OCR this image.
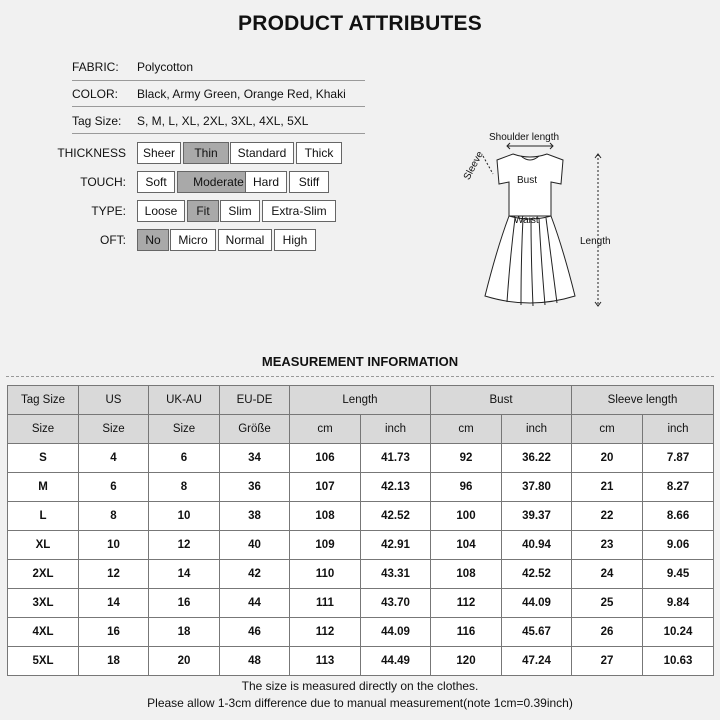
PRODUCT ATTRIBUTES
FABRIC:	Polycotton
COLOR:	Black, Army Green, Orange Red, Khaki
Tag Size:	S, M, L, XL, 2XL, 3XL, 4XL, 5XL
THICKNESS	Sheer	Thin	Standard	Thick
TOUCH:	Soft	Moderate Hard	Stiff
TYPE:	Loose	Fit	Slim	Extra-Slim
OFT:	No	Micro	Normal	High
Shoulder length
Sleeve	Bust
Waist
Length
MEASUREMENT INFORMATION
Tag Size	US	UK-AU	EU-DE	Length		Bust		Sleeve length	
Size	Size	Size	Größe	cm	inch	cm	inch	cm	inch
S	4	6	34	106	41.73	92	36.22	20	7.87
M	6	8	36	107	42.13	96	37.80	21	8.27
L	8	10	38	108	42.52	100	39.37	22	8.66
XL	10	12	40	109	42.91	104	40.94	23	9.06
2XL	12	14	42	110	43.31	108	42.52	24	9.45
3XL	14	16	44	111	43.70	112	44.09	25	9.84
4XL	16	18	46	112	44.09	116	45.67	26	10.24
5XL	18	20	48	113	44.49	120	47.24	27	10.63
The size is measured directly on the clothes.
Please allow 1-3cm difference due to manual measurement(note 1cm=0.39inch)
